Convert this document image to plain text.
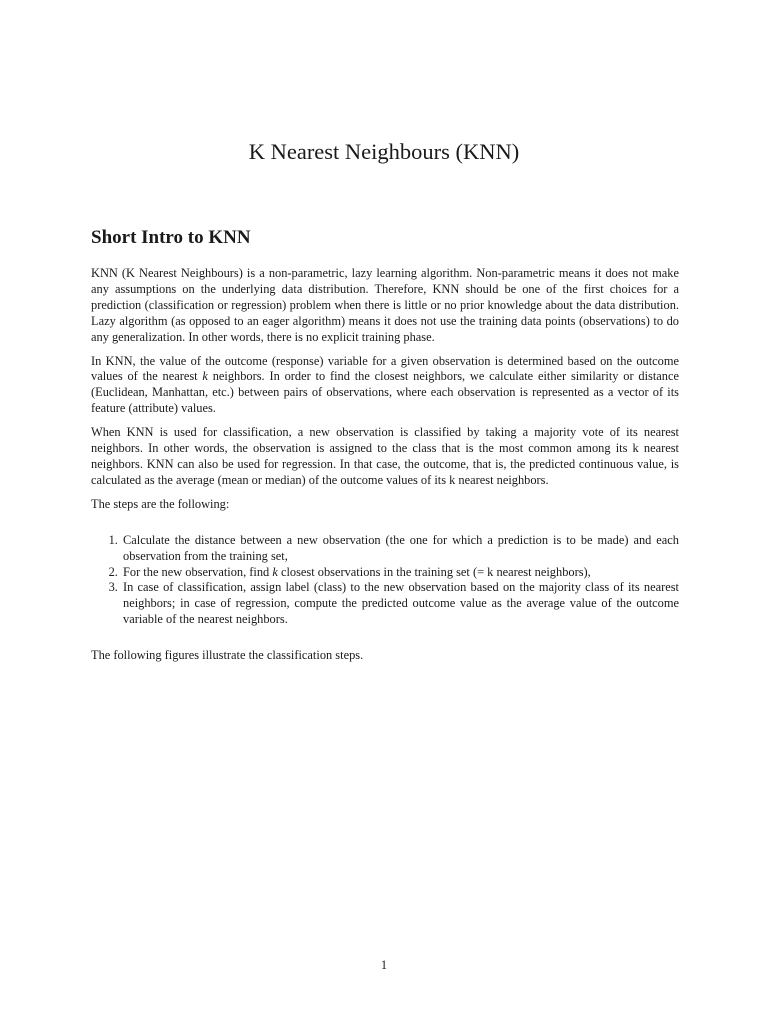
K Nearest Neighbours (KNN)
Short Intro to KNN

KNN (K Nearest Neighbours) is a non-parametric, lazy learning algorithm. Non-parametric means it does not make any assumptions on the underlying data distribution. Therefore, KNN should be one of the first choices for a prediction (classification or regression) problem when there is little or no prior knowledge about the data distribution. Lazy algorithm (as opposed to an eager algorithm) means it does not use the training data points (observations) to do any generalization. In other words, there is no explicit training phase.

In KNN, the value of the outcome (response) variable for a given observation is determined based on the outcome values of the nearest k neighbors. In order to find the closest neighbors, we calculate either similarity or distance (Euclidean, Manhattan, etc.) between pairs of observations, where each observation is represented as a vector of its feature (attribute) values.

When KNN is used for classification, a new observation is classified by taking a majority vote of its nearest neighbors. In other words, the observation is assigned to the class that is the most common among its k nearest neighbors. KNN can also be used for regression. In that case, the outcome, that is, the predicted continuous value, is calculated as the average (mean or median) of the outcome values of its k nearest neighbors.

The steps are the following:

1. Calculate the distance between a new observation (the one for which a prediction is to be made) and each observation from the training set,
2. For the new observation, find k closest observations in the training set (= k nearest neighbors),
3. In case of classification, assign label (class) to the new observation based on the majority class of its nearest neighbors; in case of regression, compute the predicted outcome value as the average value of the outcome variable of the nearest neighbors.

The following figures illustrate the classification steps.

1
